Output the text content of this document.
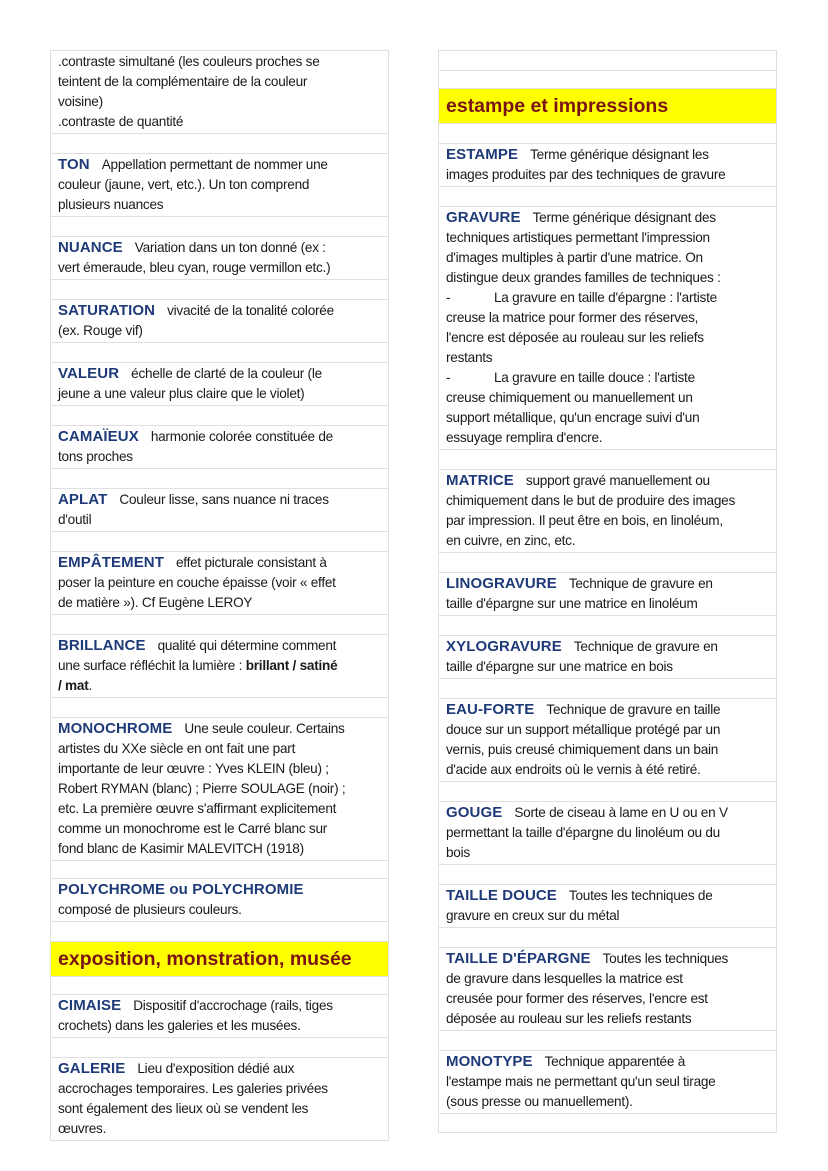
.contraste simultané (les couleurs proches se
teintent de la complémentaire de la couleur
voisine)
.contraste de quantité
TON Appellation permettant de nommer une
couleur (jaune, vert, etc.). Un ton comprend
plusieurs nuances
NUANCE Variation dans un ton donné (ex :
vert émeraude, bleu cyan, rouge vermillon etc.)
SATURATION vivacité de la tonalité colorée
(ex. Rouge vif)
VALEUR échelle de clarté de la couleur (le
jeune a une valeur plus claire que le violet)
CAMAÏEUX harmonie colorée constituée de
tons proches
APLAT Couleur lisse, sans nuance ni traces
d'outil
EMPÂTEMENT effet picturale consistant à
poser la peinture en couche épaisse (voir « effet
de matière »). Cf Eugène LEROY
BRILLANCE qualité qui détermine comment
une surface réfléchit la lumière : brillant / satiné
/ mat.
MONOCHROME Une seule couleur. Certains
artistes du XXe siècle en ont fait une part
importante de leur œuvre : Yves KLEIN (bleu) ;
Robert RYMAN (blanc) ; Pierre SOULAGE (noir) ;
etc. La première œuvre s'affirmant explicitement
comme un monochrome est le Carré blanc sur
fond blanc de Kasimir MALEVITCH (1918)
POLYCHROME ou POLYCHROMIE
composé de plusieurs couleurs.
exposition, monstration, musée
CIMAISE Dispositif d'accrochage (rails, tiges
crochets) dans les galeries et les musées.
GALERIE Lieu d'exposition dédié aux
accrochages temporaires. Les galeries privées
sont également des lieux où se vendent les
œuvres.
estampe et impressions
ESTAMPE Terme générique désignant les
images produites par des techniques de gravure
GRAVURE Terme générique désignant des
techniques artistiques permettant l'impression
d'images multiples à partir d'une matrice. On
distingue deux grandes familles de techniques :
-	La gravure en taille d'épargne : l'artiste
creuse la matrice pour former des réserves,
l'encre est déposée au rouleau sur les reliefs
restants
-	La gravure en taille douce : l'artiste
creuse chimiquement ou manuellement un
support métallique, qu'un encrage suivi d'un
essuyage remplira d'encre.
MATRICE support gravé manuellement ou
chimiquement dans le but de produire des images
par impression. Il peut être en bois, en linoléum,
en cuivre, en zinc, etc.
LINOGRAVURE Technique de gravure en
taille d'épargne sur une matrice en linoléum
XYLOGRAVURE Technique de gravure en
taille d'épargne sur une matrice en bois
EAU-FORTE Technique de gravure en taille
douce sur un support métallique protégé par un
vernis, puis creusé chimiquement dans un bain
d'acide aux endroits où le vernis à été retiré.
GOUGE Sorte de ciseau à lame en U ou en V
permettant la taille d'épargne du linoléum ou du
bois
TAILLE DOUCE Toutes les techniques de
gravure en creux sur du métal
TAILLE D'ÉPARGNE Toutes les techniques
de gravure dans lesquelles la matrice est
creusée pour former des réserves, l'encre est
déposée au rouleau sur les reliefs restants
MONOTYPE Technique apparentée à
l'estampe mais ne permettant qu'un seul tirage
(sous presse ou manuellement).
